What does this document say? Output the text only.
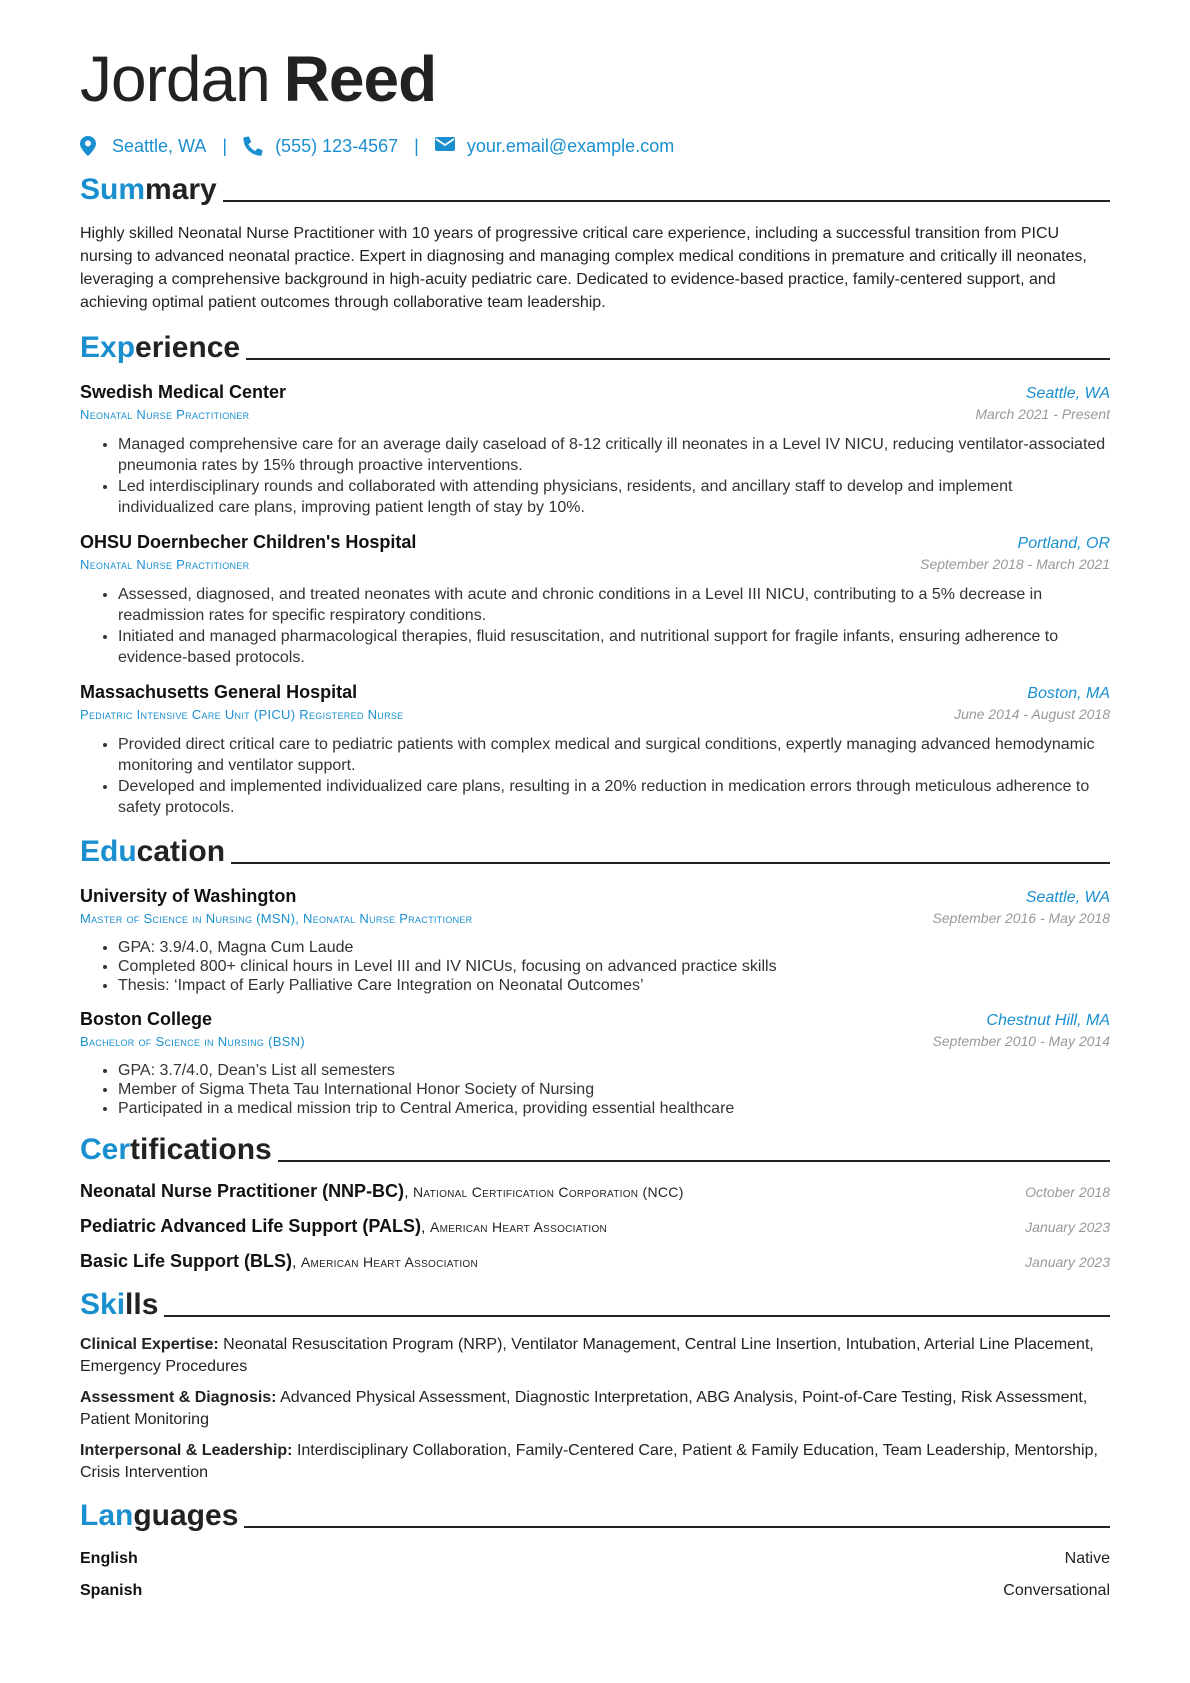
Jordan Reed
Seattle, WA |	(555) 123-4567 |	your.email@example.com
Summary
Highly skilled Neonatal Nurse Practitioner with 10 years of progressive critical care experience, including a successful transition from PICU nursing to advanced neonatal practice. Expert in diagnosing and managing complex medical conditions in premature and critically ill neonates, leveraging a comprehensive background in high-acuity pediatric care. Dedicated to evidence-based practice, family-centered support, and achieving optimal patient outcomes through collaborative team leadership.
Experience
Swedish Medical Center	Seattle, WA
Neonatal Nurse Practitioner	March 2021 - Present
• Managed comprehensive care for an average daily caseload of 8-12 critically ill neonates in a Level IV NICU, reducing ventilator-associated pneumonia rates by 15% through proactive interventions.
• Led interdisciplinary rounds and collaborated with attending physicians, residents, and ancillary staff to develop and implement individualized care plans, improving patient length of stay by 10%.
OHSU Doernbecher Children's Hospital	Portland, OR
Neonatal Nurse Practitioner	September 2018 - March 2021
• Assessed, diagnosed, and treated neonates with acute and chronic conditions in a Level III NICU, contributing to a 5% decrease in readmission rates for specific respiratory conditions.
• Initiated and managed pharmacological therapies, fluid resuscitation, and nutritional support for fragile infants, ensuring adherence to evidence-based protocols.
Massachusetts General Hospital	Boston, MA
Pediatric Intensive Care Unit (PICU) Registered Nurse	June 2014 - August 2018
• Provided direct critical care to pediatric patients with complex medical and surgical conditions, expertly managing advanced hemodynamic monitoring and ventilator support.
• Developed and implemented individualized care plans, resulting in a 20% reduction in medication errors through meticulous adherence to safety protocols.
Education
University of Washington	Seattle, WA
Master of Science in Nursing (MSN), Neonatal Nurse Practitioner	September 2016 - May 2018
• GPA: 3.9/4.0, Magna Cum Laude
• Completed 800+ clinical hours in Level III and IV NICUs, focusing on advanced practice skills
• Thesis: ‘Impact of Early Palliative Care Integration on Neonatal Outcomes’
Boston College	Chestnut Hill, MA
Bachelor of Science in Nursing (BSN)	September 2010 - May 2014
• GPA: 3.7/4.0, Dean’s List all semesters
• Member of Sigma Theta Tau International Honor Society of Nursing
• Participated in a medical mission trip to Central America, providing essential healthcare
Certifications
Neonatal Nurse Practitioner (NNP-BC), National Certification Corporation (NCC)	October 2018
Pediatric Advanced Life Support (PALS), American Heart Association	January 2023
Basic Life Support (BLS), American Heart Association	January 2023
Skills
Clinical Expertise: Neonatal Resuscitation Program (NRP), Ventilator Management, Central Line Insertion, Intubation, Arterial Line Placement, Emergency Procedures
Assessment & Diagnosis: Advanced Physical Assessment, Diagnostic Interpretation, ABG Analysis, Point-of-Care Testing, Risk Assessment, Patient Monitoring
Interpersonal & Leadership: Interdisciplinary Collaboration, Family-Centered Care, Patient & Family Education, Team Leadership, Mentorship, Crisis Intervention
Languages
English	Native
Spanish	Conversational
